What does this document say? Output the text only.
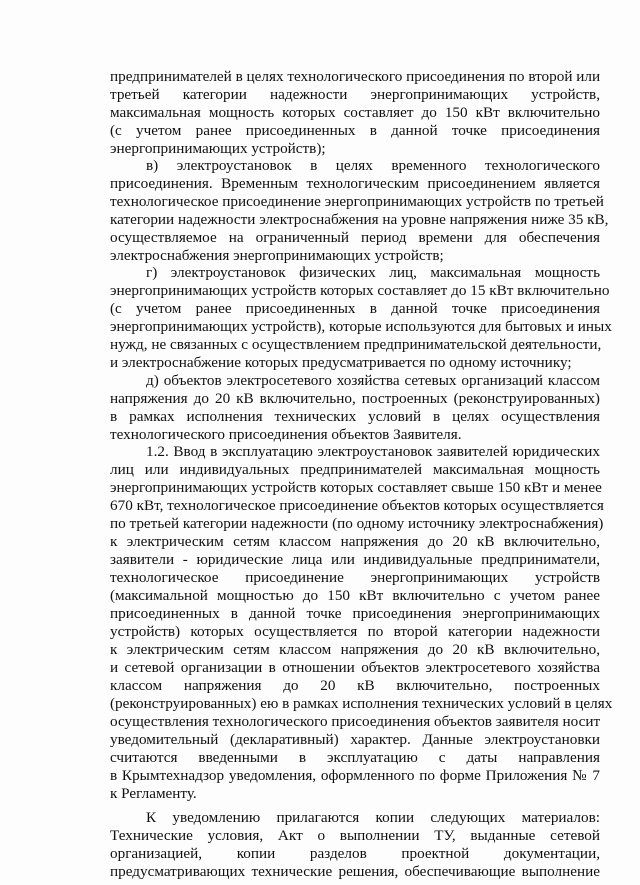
предпринимателей в целях технологического присоединения по второй или
третьей категории надежности энергопринимающих устройств,
максимальная мощность которых составляет до 150 кВт включительно
(с учетом ранее присоединенных в данной точке присоединения
энергопринимающих устройств);
в) электроустановок в целях временного технологического
присоединения. Временным технологическим присоединением является
технологическое присоединение энергопринимающих устройств по третьей
категории надежности электроснабжения на уровне напряжения ниже 35 кВ,
осуществляемое на ограниченный период времени для обеспечения
электроснабжения энергопринимающих устройств;
г) электроустановок физических лиц, максимальная мощность
энергопринимающих устройств которых составляет до 15 кВт включительно
(с учетом ранее присоединенных в данной точке присоединения
энергопринимающих устройств), которые используются для бытовых и иных
нужд, не связанных с осуществлением предпринимательской деятельности,
и электроснабжение которых предусматривается по одному источнику;
д) объектов электросетевого хозяйства сетевых организаций классом
напряжения до 20 кВ включительно, построенных (реконструированных)
в рамках исполнения технических условий в целях осуществления
технологического присоединения объектов Заявителя.
1.2. Ввод в эксплуатацию электроустановок заявителей юридических
лиц или индивидуальных предпринимателей максимальная мощность
энергопринимающих устройств которых составляет свыше 150 кВт и менее
670 кВт, технологическое присоединение объектов которых осуществляется
по третьей категории надежности (по одному источнику электроснабжения)
к электрическим сетям классом напряжения до 20 кВ включительно,
заявители - юридические лица или индивидуальные предприниматели,
технологическое присоединение энергопринимающих устройств
(максимальной мощностью до 150 кВт включительно с учетом ранее
присоединенных в данной точке присоединения энергопринимающих
устройств) которых осуществляется по второй категории надежности
к электрическим сетям классом напряжения до 20 кВ включительно,
и сетевой организации в отношении объектов электросетевого хозяйства
классом напряжения до 20 кВ включительно, построенных
(реконструированных) ею в рамках исполнения технических условий в целях
осуществления технологического присоединения объектов заявителя носит
уведомительный (декларативный) характер. Данные электроустановки
считаются введенными в эксплуатацию с даты направления
в Крымтехнадзор уведомления, оформленного по форме Приложения № 7
к Регламенту.
К уведомлению прилагаются копии следующих материалов:
Технические условия, Акт о выполнении ТУ, выданные сетевой
организацией, копии разделов проектной документации,
предусматривающих технические решения, обеспечивающие выполнение
